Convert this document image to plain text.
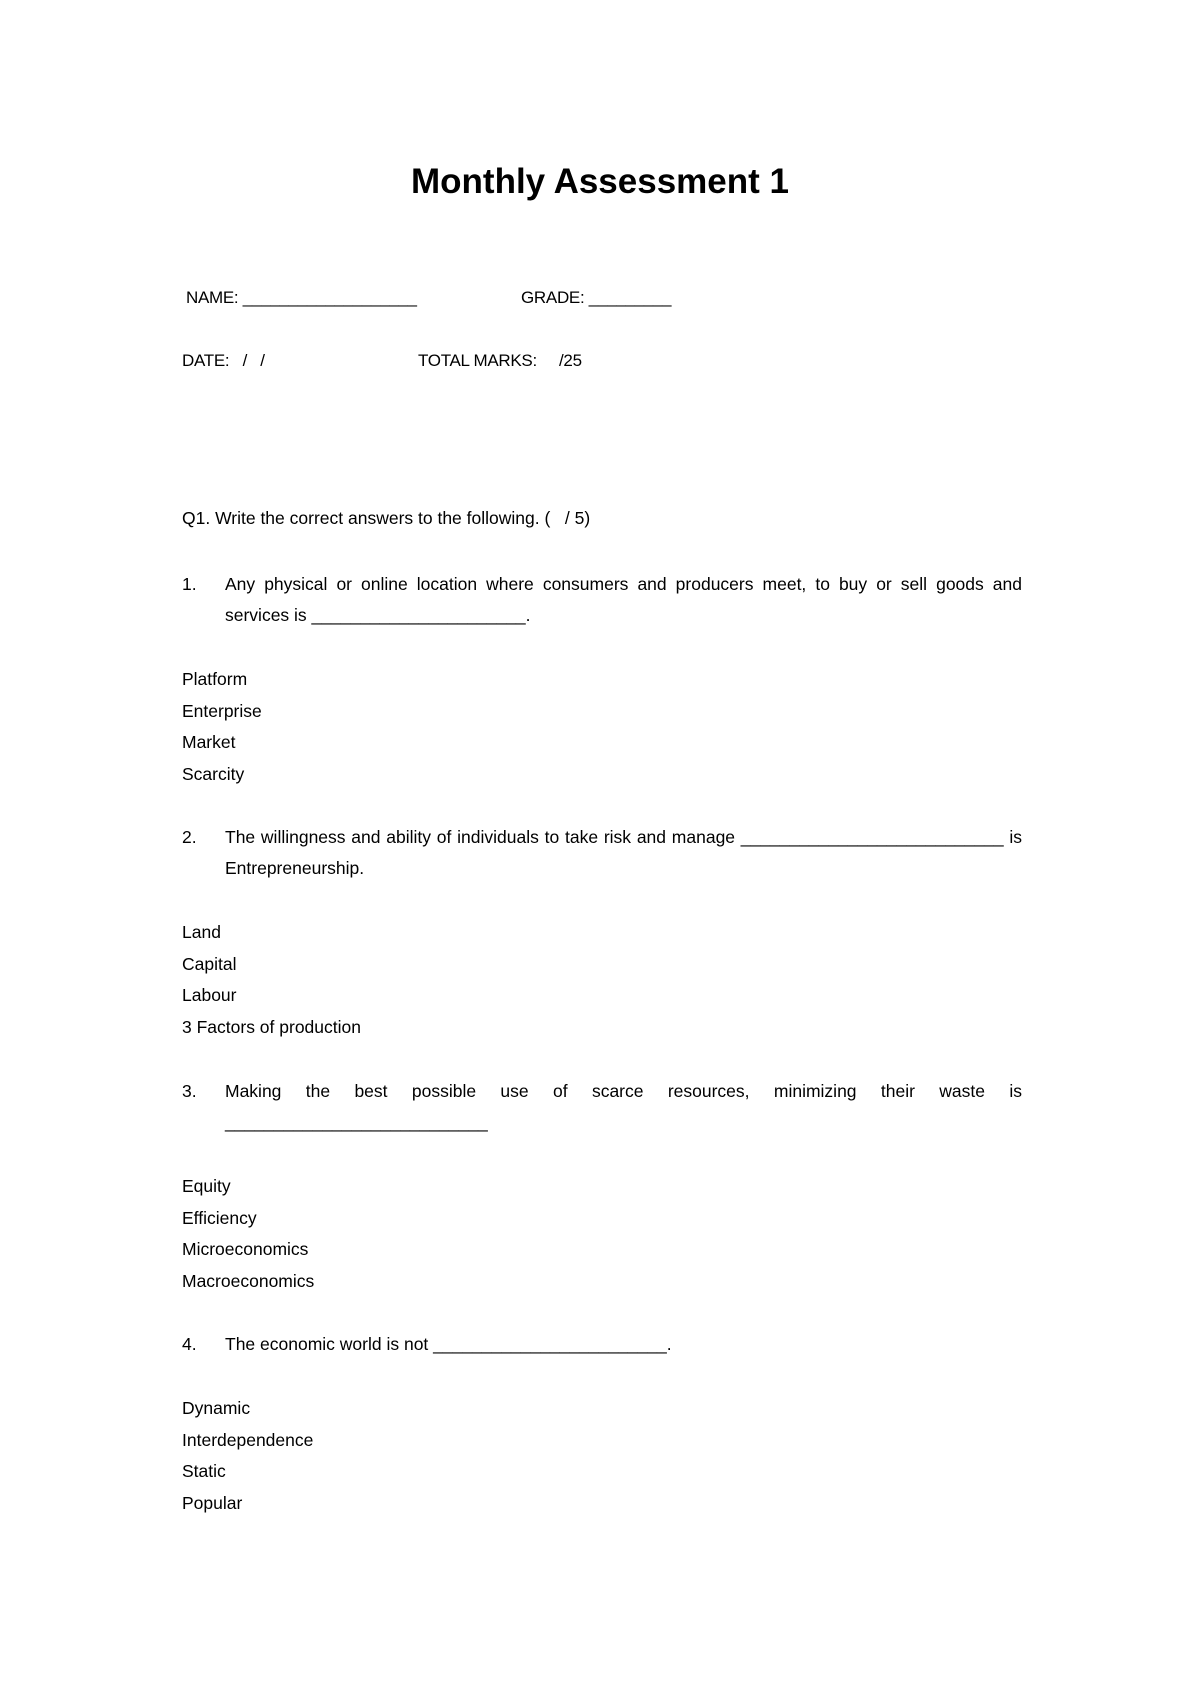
Monthly Assessment 1
NAME: ___________________	GRADE: _________
DATE:   /   /	TOTAL MARKS:     /25
Q1. Write the correct answers to the following. (   / 5)
1. Any physical or online location where consumers and producers meet, to buy or sell goods and services is ______________________.
Platform
Enterprise
Market
Scarcity
2. The willingness and ability of individuals to take risk and manage ___________________________ is Entrepreneurship.
Land
Capital
Labour
3 Factors of production
3. Making the best possible use of scarce resources, minimizing their waste is ___________________________
Equity
Efficiency
Microeconomics
Macroeconomics
4. The economic world is not ________________________.
Dynamic
Interdependence
Static
Popular
